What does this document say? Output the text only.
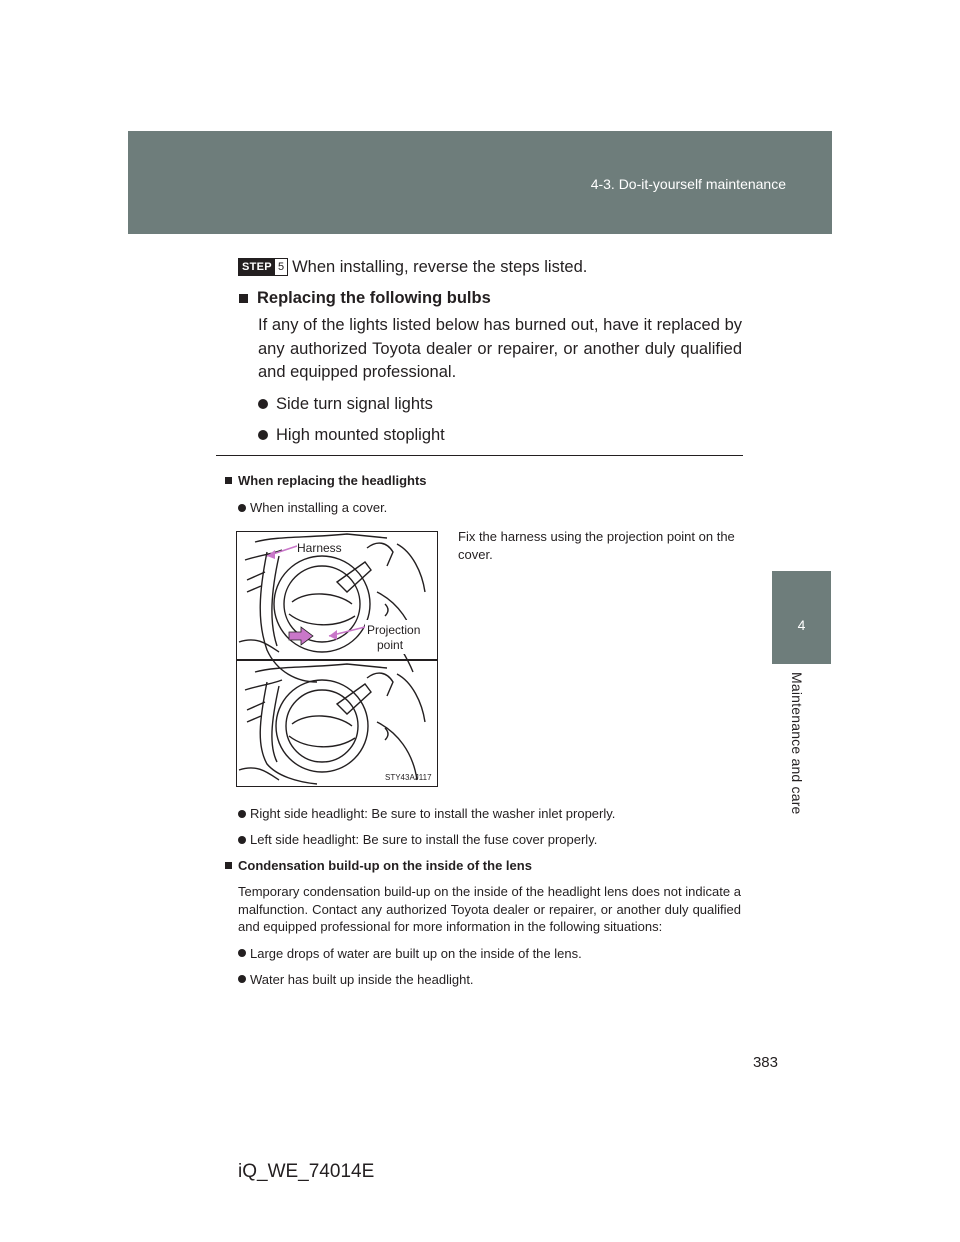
4-3. Do-it-yourself maintenance
4
Maintenance and care
STEP 5 When installing, reverse the steps listed.
Replacing the following bulbs
If any of the lights listed below has burned out, have it replaced by any authorized Toyota dealer or repairer, or another duly qualified and equipped professional.
Side turn signal lights
High mounted stoplight
When replacing the headlights
When installing a cover.
Right side headlight: Be sure to install the washer inlet properly.
Left side headlight: Be sure to install the fuse cover properly.
Condensation build-up on the inside of the lens
Temporary condensation build-up on the inside of the headlight lens does not indicate a malfunction. Contact any authorized Toyota dealer or repairer, or another duly qualified and equipped professional for more information in the following situations:
Large drops of water are built up on the inside of the lens.
Water has built up inside the headlight.
Harness
Projection
point
STY43AJ117
Fix the harness using the projection point on the cover.
383
iQ_WE_74014E
